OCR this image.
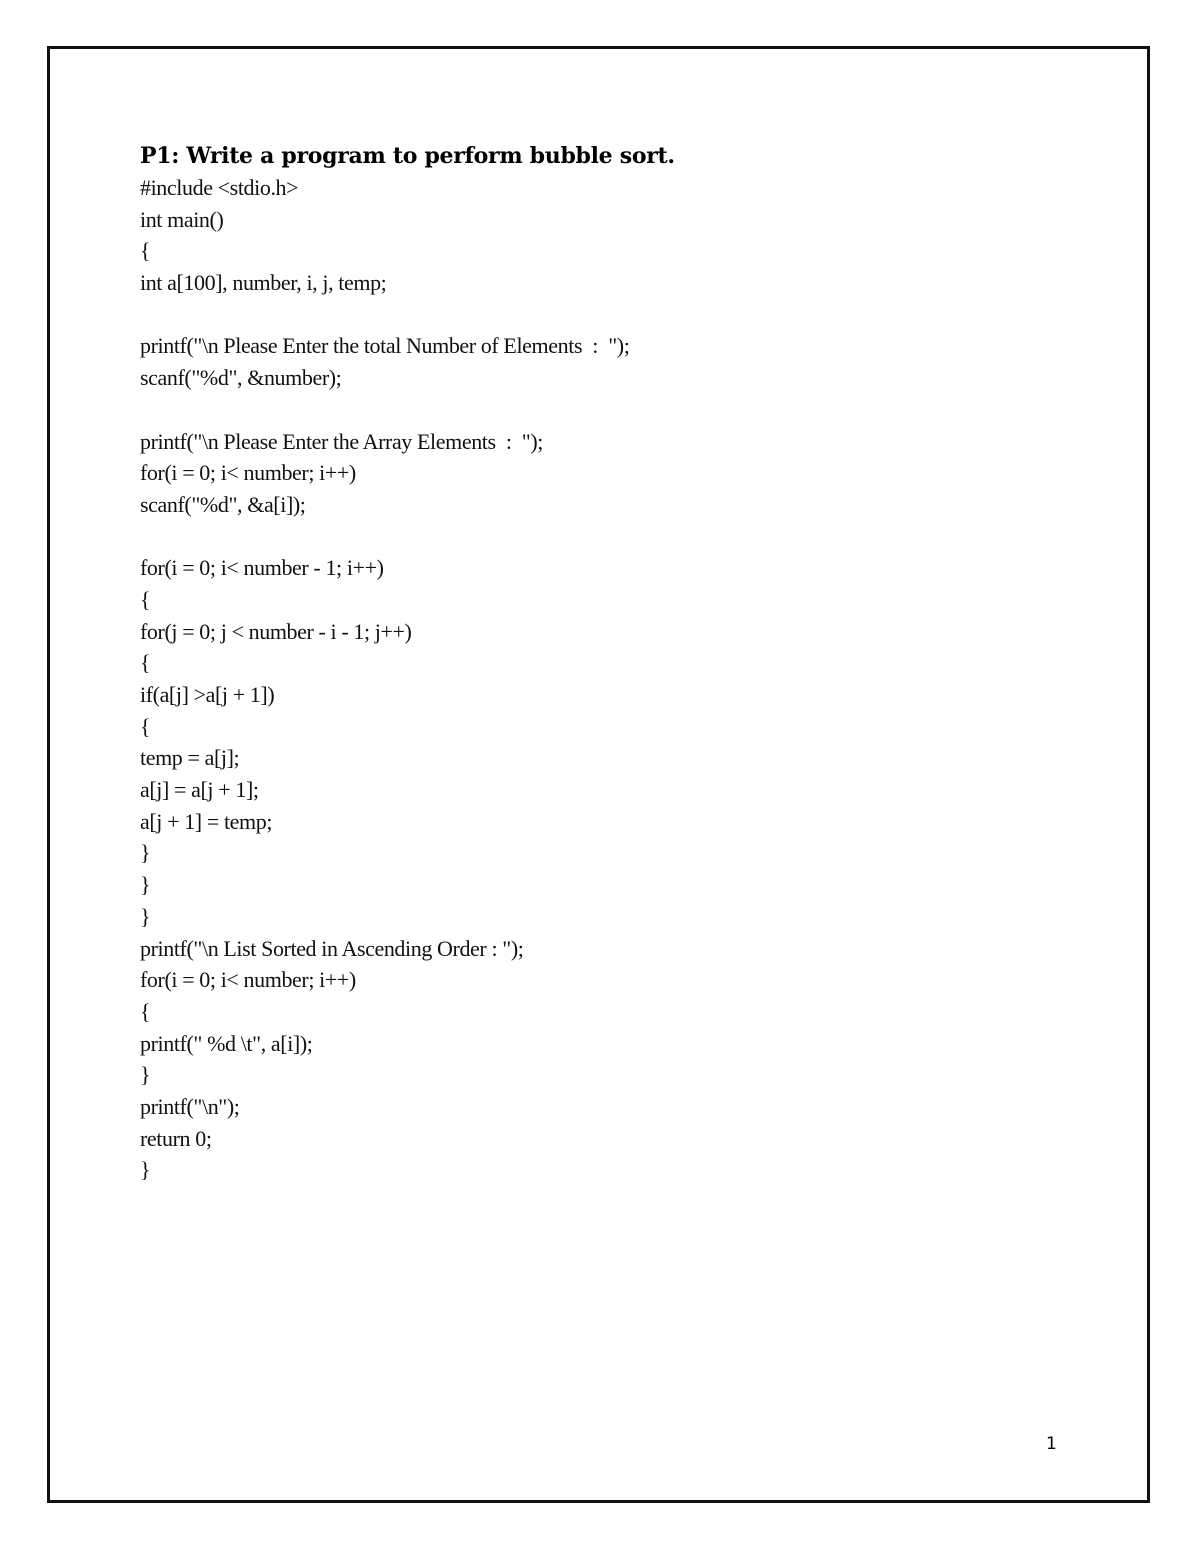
P1: Write a program to perform bubble sort.
#include <stdio.h>
int main()
{
int a[100], number, i, j, temp;
printf("\n Please Enter the total Number of Elements  :  ");
scanf("%d", &number);
printf("\n Please Enter the Array Elements  :  ");
for(i = 0; i< number; i++)
scanf("%d", &a[i]);
for(i = 0; i< number - 1; i++)
{
for(j = 0; j < number - i - 1; j++)
{
if(a[j] >a[j + 1])
{
temp = a[j];
a[j] = a[j + 1];
a[j + 1] = temp;
}
}
}
printf("\n List Sorted in Ascending Order : ");
for(i = 0; i< number; i++)
{
printf(" %d \t", a[i]);
}
printf("\n");
return 0;
}
1
